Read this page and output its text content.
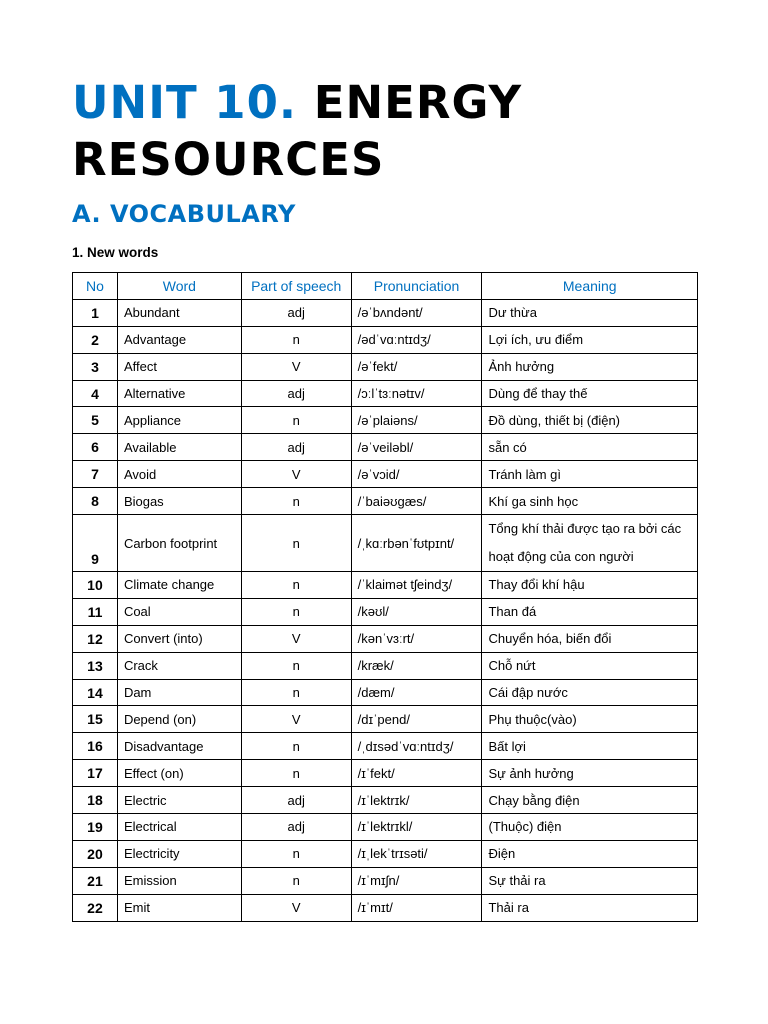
UNIT 10. ENERGY RESOURCES
A. VOCABULARY

1. New words

No	Word	Part of speech	Pronunciation	Meaning
1	Abundant	adj	/əˈbʌndənt/	Dư thừa
2	Advantage	n	/ədˈvɑːntɪdʒ/	Lợi ích, ưu điểm
3	Affect	V	/əˈfekt/	Ảnh hưởng
4	Alternative	adj	/ɔːlˈtɜːnətɪv/	Dùng để thay thế
5	Appliance	n	/əˈplaiəns/	Đồ dùng, thiết bị (điện)
6	Available	adj	/əˈveiləbl/	sẵn có
7	Avoid	V	/əˈvɔid/	Tránh làm gì
8	Biogas	n	/ˈbaiəʊgæs/	Khí ga sinh học
9	Carbon footprint	n	/ˌkɑːrbənˈfʊtpɪnt/	Tổng khí thải được tạo ra bởi các hoạt động của con người
10	Climate change	n	/ˈklaimət tʃeindʒ/	Thay đổi khí hậu
11	Coal	n	/kəʊl/	Than đá
12	Convert (into)	V	/kənˈvɜːrt/	Chuyển hóa, biến đổi
13	Crack	n	/kræk/	Chỗ nứt
14	Dam	n	/dæm/	Cái đập nước
15	Depend (on)	V	/dɪˈpend/	Phụ thuộc(vào)
16	Disadvantage	n	/ˌdɪsədˈvɑːntɪdʒ/	Bất lợi
17	Effect (on)	n	/ɪˈfekt/	Sự ảnh hưởng
18	Electric	adj	/ɪˈlektrɪk/	Chạy bằng điện
19	Electrical	adj	/ɪˈlektrɪkl/	(Thuộc) điện
20	Electricity	n	/ɪˌlekˈtrɪsəti/	Điện
21	Emission	n	/ɪˈmɪʃn/	Sự thải ra
22	Emit	V	/ɪˈmɪt/	Thải ra
